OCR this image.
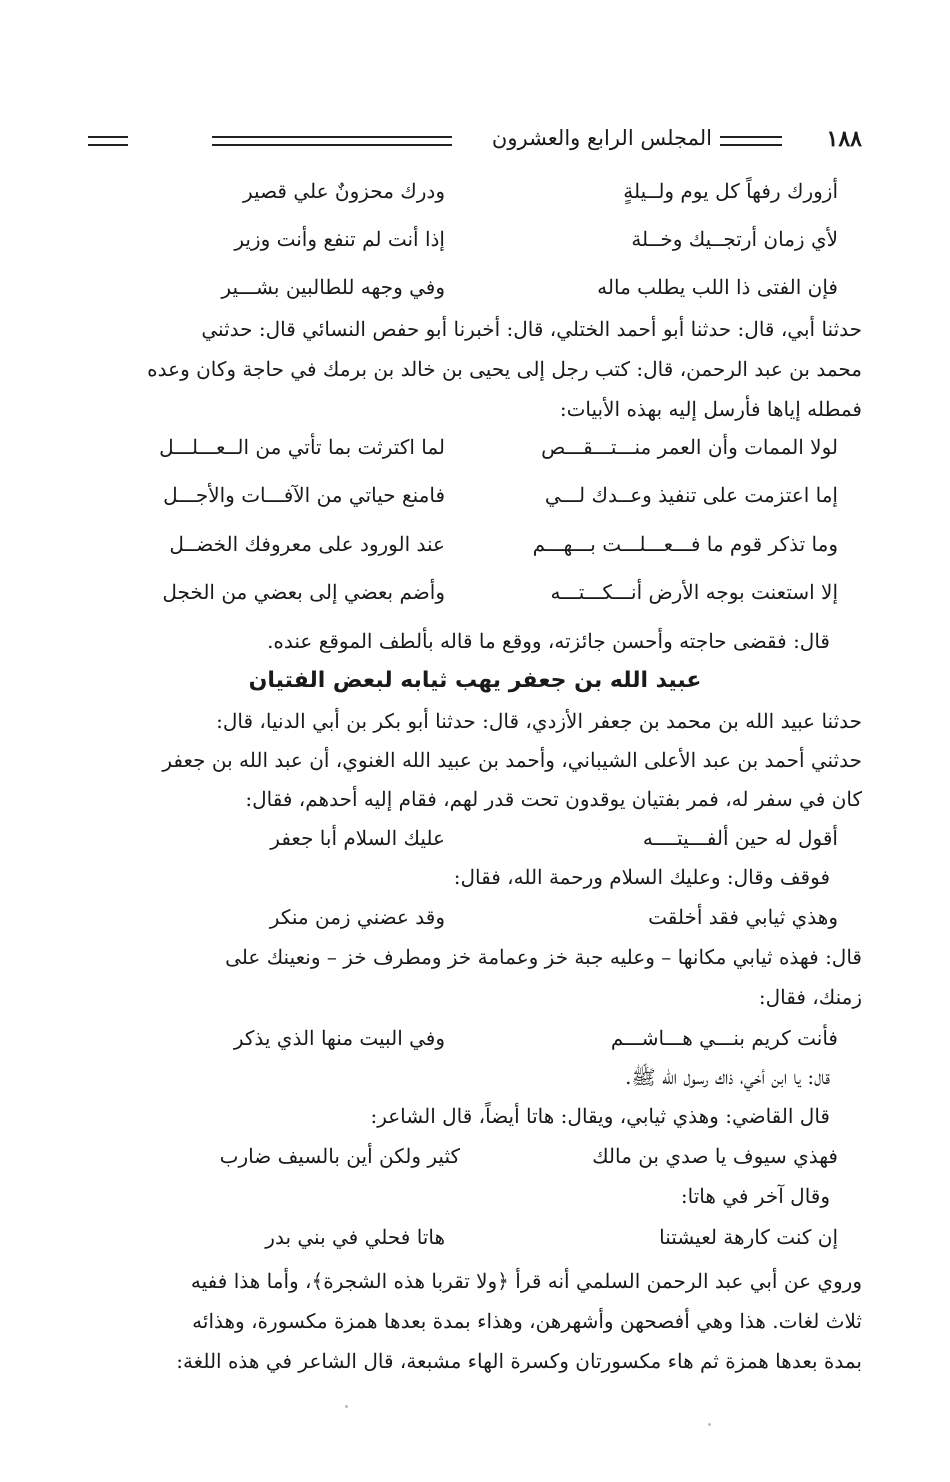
١٨٨
المجلس الرابع والعشرون
أزورك رفهاً كل يوم ولــيلةٍ
ودرك محزونٌ علي قصير
لأي زمان أرتجــيك وخــلة
إذا أنت لم تنفع وأنت وزير
فإن الفتى ذا اللب يطلب ماله
وفي وجهه للطالبين بشـــير
حدثنا أبي، قال: حدثنا أبو أحمد الختلي، قال: أخبرنا أبو حفص النسائي قال: حدثني
محمد بن عبد الرحمن، قال: كتب رجل إلى يحيى بن خالد بن برمك في حاجة وكان وعده
فمطله إياها فأرسل إليه بهذه الأبيات:
لولا الممات وأن العمر منـــتـــقـــص
لما اكترثت بما تأتي من الــعـــلـــل
إما اعتزمت على تنفيذ وعــدك لـــي
فامنع حياتي من الآفـــات والأجـــل
وما تذكر قوم ما فـــعـــلـــت بـــهـــم
عند الورود على معروفك الخضــل
إلا استعنت بوجه الأرض أنـــكـــتـــه
وأضم بعضي إلى بعضي من الخجل
قال: فقضى حاجته وأحسن جائزته، ووقع ما قاله بألطف الموقع عنده.
عبيد الله بن جعفر يهب ثيابه لبعض الفتيان
حدثنا عبيد الله بن محمد بن جعفر الأزدي، قال: حدثنا أبو بكر بن أبي الدنيا، قال:
حدثني أحمد بن عبد الأعلى الشيباني، وأحمد بن عبيد الله الغنوي، أن عبد الله بن جعفر
كان في سفر له، فمر بفتيان يوقدون تحت قدر لهم، فقام إليه أحدهم، فقال:
أقول له حين ألفـــيتــــه
عليك السلام أبا جعفر
فوقف وقال: وعليك السلام ورحمة الله، فقال:
وهذي ثيابي فقد أخلقت
وقد عضني زمن منكر
قال: فهذه ثيابي مكانها – وعليه جبة خز وعمامة خز ومطرف خز – ونعينك على
زمنك، فقال:
فأنت كريم بنـــي هـــاشـــم
وفي البيت منها الذي يذكر
قال: يا ابن أخي، ذاك رسول الله ﷺ.
قال القاضي: وهذي ثيابي، ويقال: هاتا أيضاً، قال الشاعر:
فهذي سيوف يا صدي بن مالك
كثير ولكن أين بالسيف ضارب
وقال آخر في هاتا:
إن كنت كارهة لعيشتنا
هاتا فحلي في بني بدر
وروي عن أبي عبد الرحمن السلمي أنه قرأ ﴿ولا تقربا هذه الشجرة﴾، وأما هذا ففيه
ثلاث لغات. هذا وهي أفصحهن وأشهرهن، وهذاء بمدة بعدها همزة مكسورة، وهذائه
بمدة بعدها همزة ثم هاء مكسورتان وكسرة الهاء مشبعة، قال الشاعر في هذه اللغة:
